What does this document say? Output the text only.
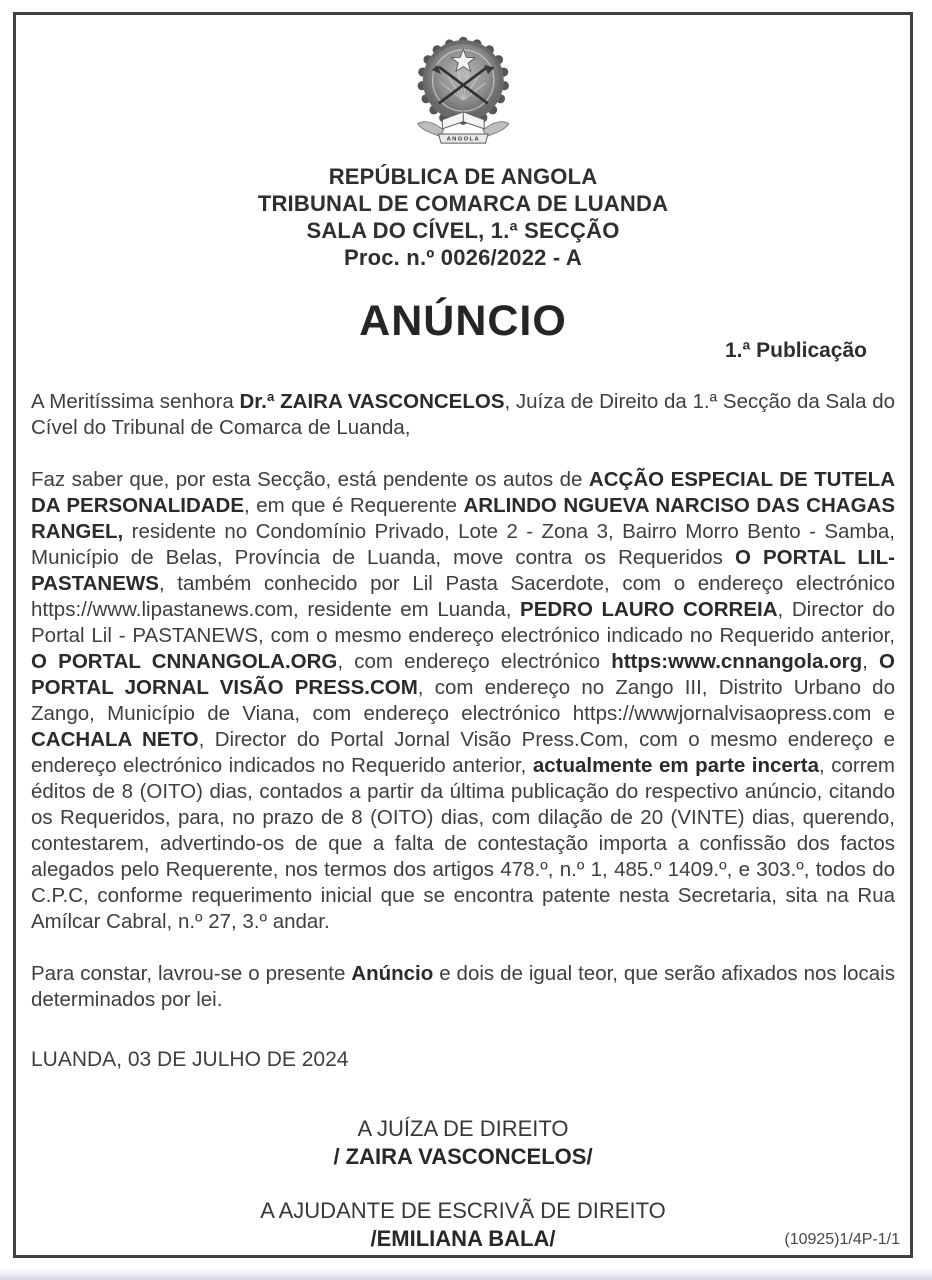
ANGOLA
REPÚBLICA DE ANGOLA
TRIBUNAL DE COMARCA DE LUANDA
SALA DO CÍVEL, 1.ª SECÇÃO
Proc. n.º 0026/2022 - A
ANÚNCIO
1.ª Publicação

A Meritíssima senhora Dr.ª ZAIRA VASCONCELOS, Juíza de Direito da 1.ª Secção da Sala do Cível do Tribunal de Comarca de Luanda,

Faz saber que, por esta Secção, está pendente os autos de ACÇÃO ESPECIAL DE TUTELA DA PERSONALIDADE, em que é Requerente ARLINDO NGUEVA NARCISO DAS CHAGAS RANGEL, residente no Condomínio Privado, Lote 2 - Zona 3, Bairro Morro Bento - Samba, Município de Belas, Província de Luanda, move contra os Requeridos O PORTAL LIL-PASTANEWS, também conhecido por Lil Pasta Sacerdote, com o endereço electrónico https://www.lipastanews.com, residente em Luanda, PEDRO LAURO CORREIA, Director do Portal Lil - PASTANEWS, com o mesmo endereço electrónico indicado no Requerido anterior, O PORTAL CNNANGOLA.ORG, com endereço electrónico https:www.cnnangola.org, O PORTAL JORNAL VISÃO PRESS.COM, com endereço no Zango III, Distrito Urbano do Zango, Município de Viana, com endereço electrónico https://wwwjornalvisaopress.com e CACHALA NETO, Director do Portal Jornal Visão Press.Com, com o mesmo endereço e endereço electrónico indicados no Requerido anterior, actualmente em parte incerta, correm éditos de 8 (OITO) dias, contados a partir da última publicação do respectivo anúncio, citando os Requeridos, para, no prazo de 8 (OITO) dias, com dilação de 20 (VINTE) dias, querendo, contestarem, advertindo-os de que a falta de contestação importa a confissão dos factos alegados pelo Requerente, nos termos dos artigos 478.º, n.º 1, 485.º 1409.º, e 303.º, todos do C.P.C, conforme requerimento inicial que se encontra patente nesta Secretaria, sita na Rua Amílcar Cabral, n.º 27, 3.º andar.

Para constar, lavrou-se o presente Anúncio e dois de igual teor, que serão afixados nos locais determinados por lei.

LUANDA, 03 DE JULHO DE 2024
A JUÍZA DE DIREITO
/ ZAIRA VASCONCELOS/
A AJUDANTE DE ESCRIVÃ DE DIREITO
/EMILIANA BALA/	(10925)1/4P-1/1
